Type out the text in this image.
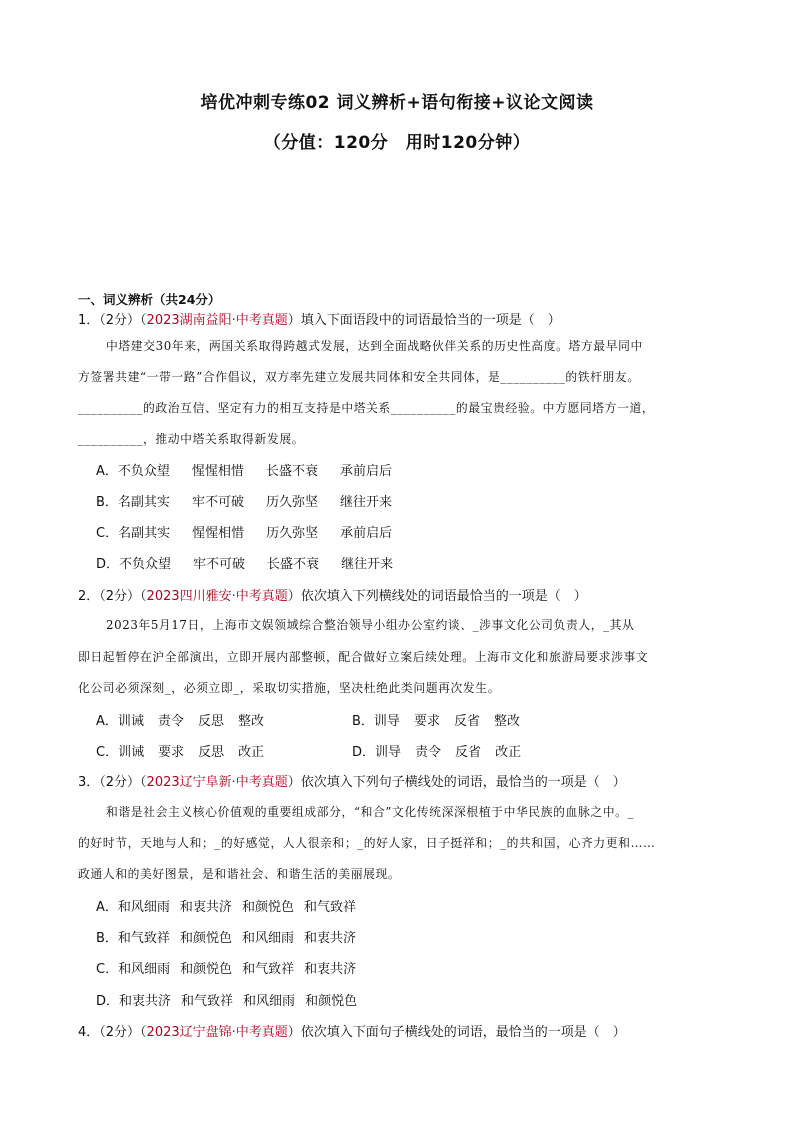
培优冲刺专练02 词义辨析+语句衔接+议论文阅读
（分值：120分　用时120分钟）
一、词义辨析（共24分）
1．（2分）（2023湖南益阳·中考真题）填入下面语段中的词语最恰当的一项是（　）
中塔建交30年来，两国关系取得跨越式发展，达到全面战略伙伴关系的历史性高度。塔方最早同中
方签署共建“一带一路”合作倡议，双方率先建立发展共同体和安全共同体，是__________的铁杆朋友。
__________的政治互信、坚定有力的相互支持是中塔关系__________的最宝贵经验。中方愿同塔方一道，
__________，推动中塔关系取得新发展。
A．不负众望 惺惺相惜 长盛不衰 承前启后
B．名副其实 牢不可破 历久弥坚 继往开来
C．名副其实 惺惺相惜 历久弥坚 承前启后
D．不负众望 牢不可破 长盛不衰 继往开来
2．（2分）（2023四川雅安·中考真题）依次填入下列横线处的词语最恰当的一项是（　）
2023年5月17日，上海市文娱领域综合整治领导小组办公室约谈、_涉事文化公司负责人，_其从
即日起暂停在沪全部演出，立即开展内部整顿，配合做好立案后续处理。上海市文化和旅游局要求涉事文
化公司必须深刻_，必须立即_，采取切实措施，坚决杜绝此类问题再次发生。
A．训诫 责令 反思 整改	B．训导 要求 反省 整改
C．训诫 要求 反思 改正	D．训导 责令 反省 改正
3．（2分）（2023辽宁阜新·中考真题）依次填入下列句子横线处的词语，最恰当的一项是（　）
和谐是社会主义核心价值观的重要组成部分，“和合”文化传统深深根植于中华民族的血脉之中。_
的好时节，天地与人和；_的好感觉，人人很亲和；_的好人家，日子挺祥和；_的共和国，心齐力更和……
政通人和的美好图景，是和谐社会、和谐生活的美丽展现。
A．和风细雨 和衷共济 和颜悦色 和气致祥
B．和气致祥 和颜悦色 和风细雨 和衷共济
C．和风细雨 和颜悦色 和气致祥 和衷共济
D．和衷共济 和气致祥 和风细雨 和颜悦色
4．（2分）（2023辽宁盘锦·中考真题）依次填入下面句子横线处的词语，最恰当的一项是（　）
